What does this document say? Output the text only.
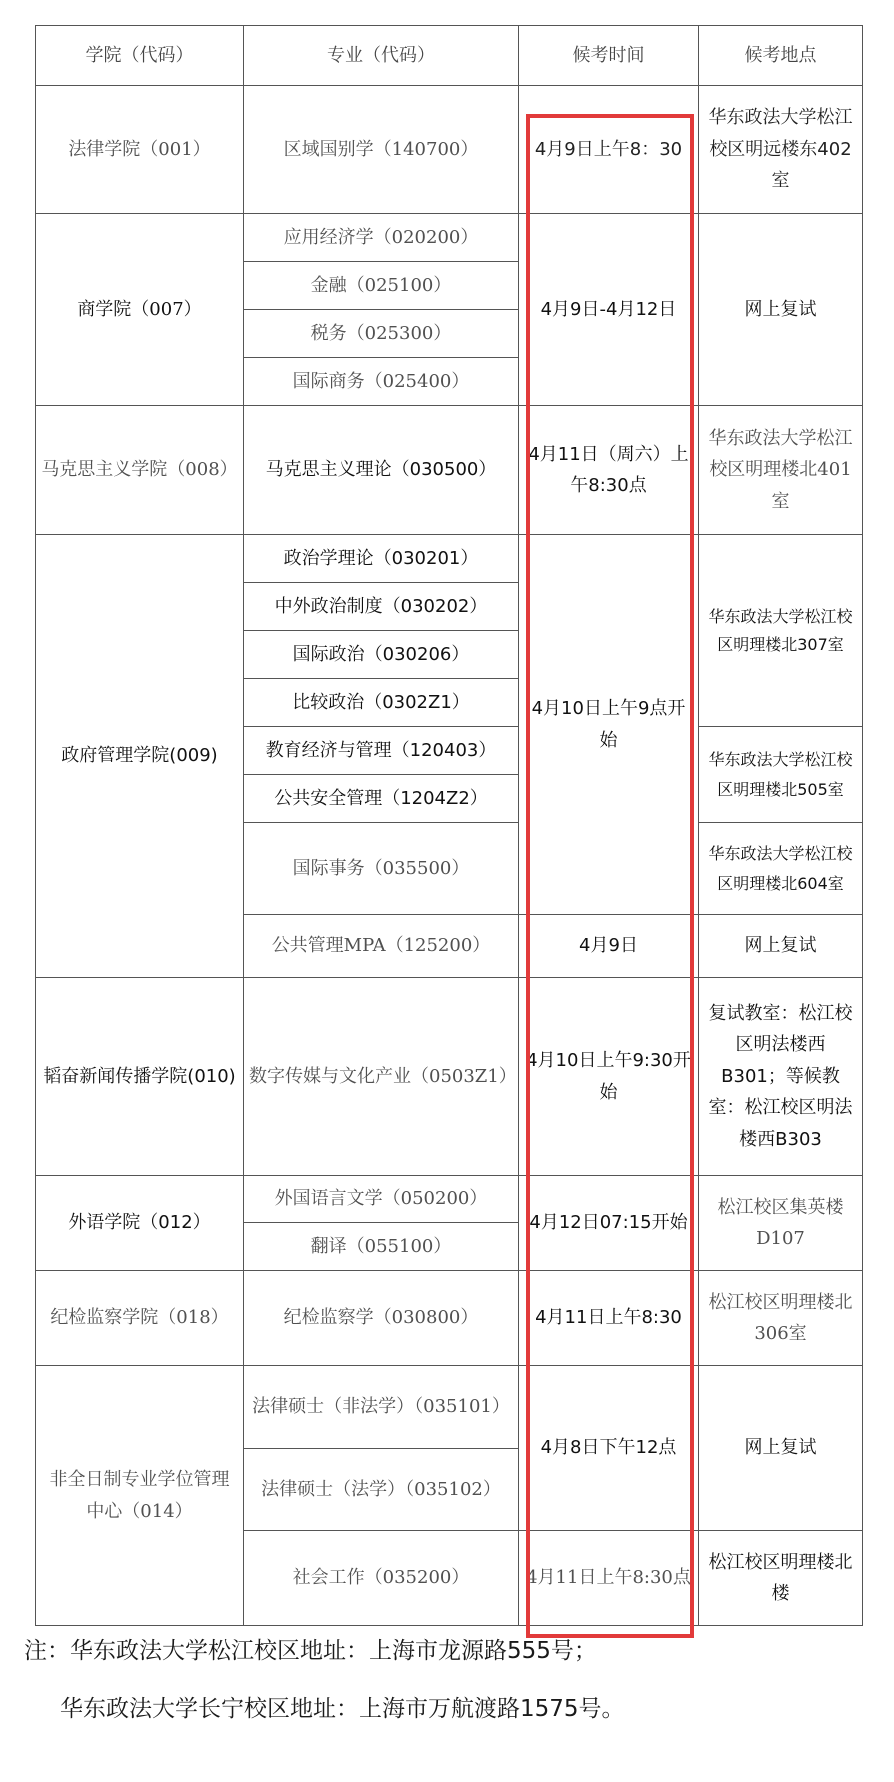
学院（代码）	专业（代码）	候考时间	候考地点
法律学院（001）	区域国别学（140700）	4月9日上午8：30	华东政法大学松江校区明远楼东402室
商学院（007）	应用经济学（020200）	4月9日-4月12日	网上复试
	金融（025100）		
	税务（025300）		
	国际商务（025400）		
马克思主义学院（008）	马克思主义理论（030500）	4月11日（周六）上午8:30点	华东政法大学松江校区明理楼北401室
政府管理学院(009)	政治学理论（030201）	4月10日上午9点开始	华东政法大学松江校区明理楼北307室
	中外政治制度（030202）		
	国际政治（030206）		
	比较政治（0302Z1）		
	教育经济与管理（120403）		华东政法大学松江校区明理楼北505室
	公共安全管理（1204Z2）		
	国际事务（035500）		华东政法大学松江校区明理楼北604室
	公共管理MPA（125200）	4月9日	网上复试
韬奋新闻传播学院(010)	数字传媒与文化产业（0503Z1）	4月10日上午9:30开始	复试教室：松江校区明法楼西B301；等候教室：松江校区明法楼西B303
外语学院（012）	外国语言文学（050200）	4月12日07:15开始	松江校区集英楼D107
	翻译（055100）		
纪检监察学院（018）	纪检监察学（030800）	4月11日上午8:30	松江校区明理楼北306室
非全日制专业学位管理中心（014）	法律硕士（非法学）（035101）	4月8日下午12点	网上复试
	法律硕士（法学）（035102）		
	社会工作（035200）	4月11日上午8:30点	松江校区明理楼北楼
注：华东政法大学松江校区地址：上海市龙源路555号；
华东政法大学长宁校区地址：上海市万航渡路1575号。
